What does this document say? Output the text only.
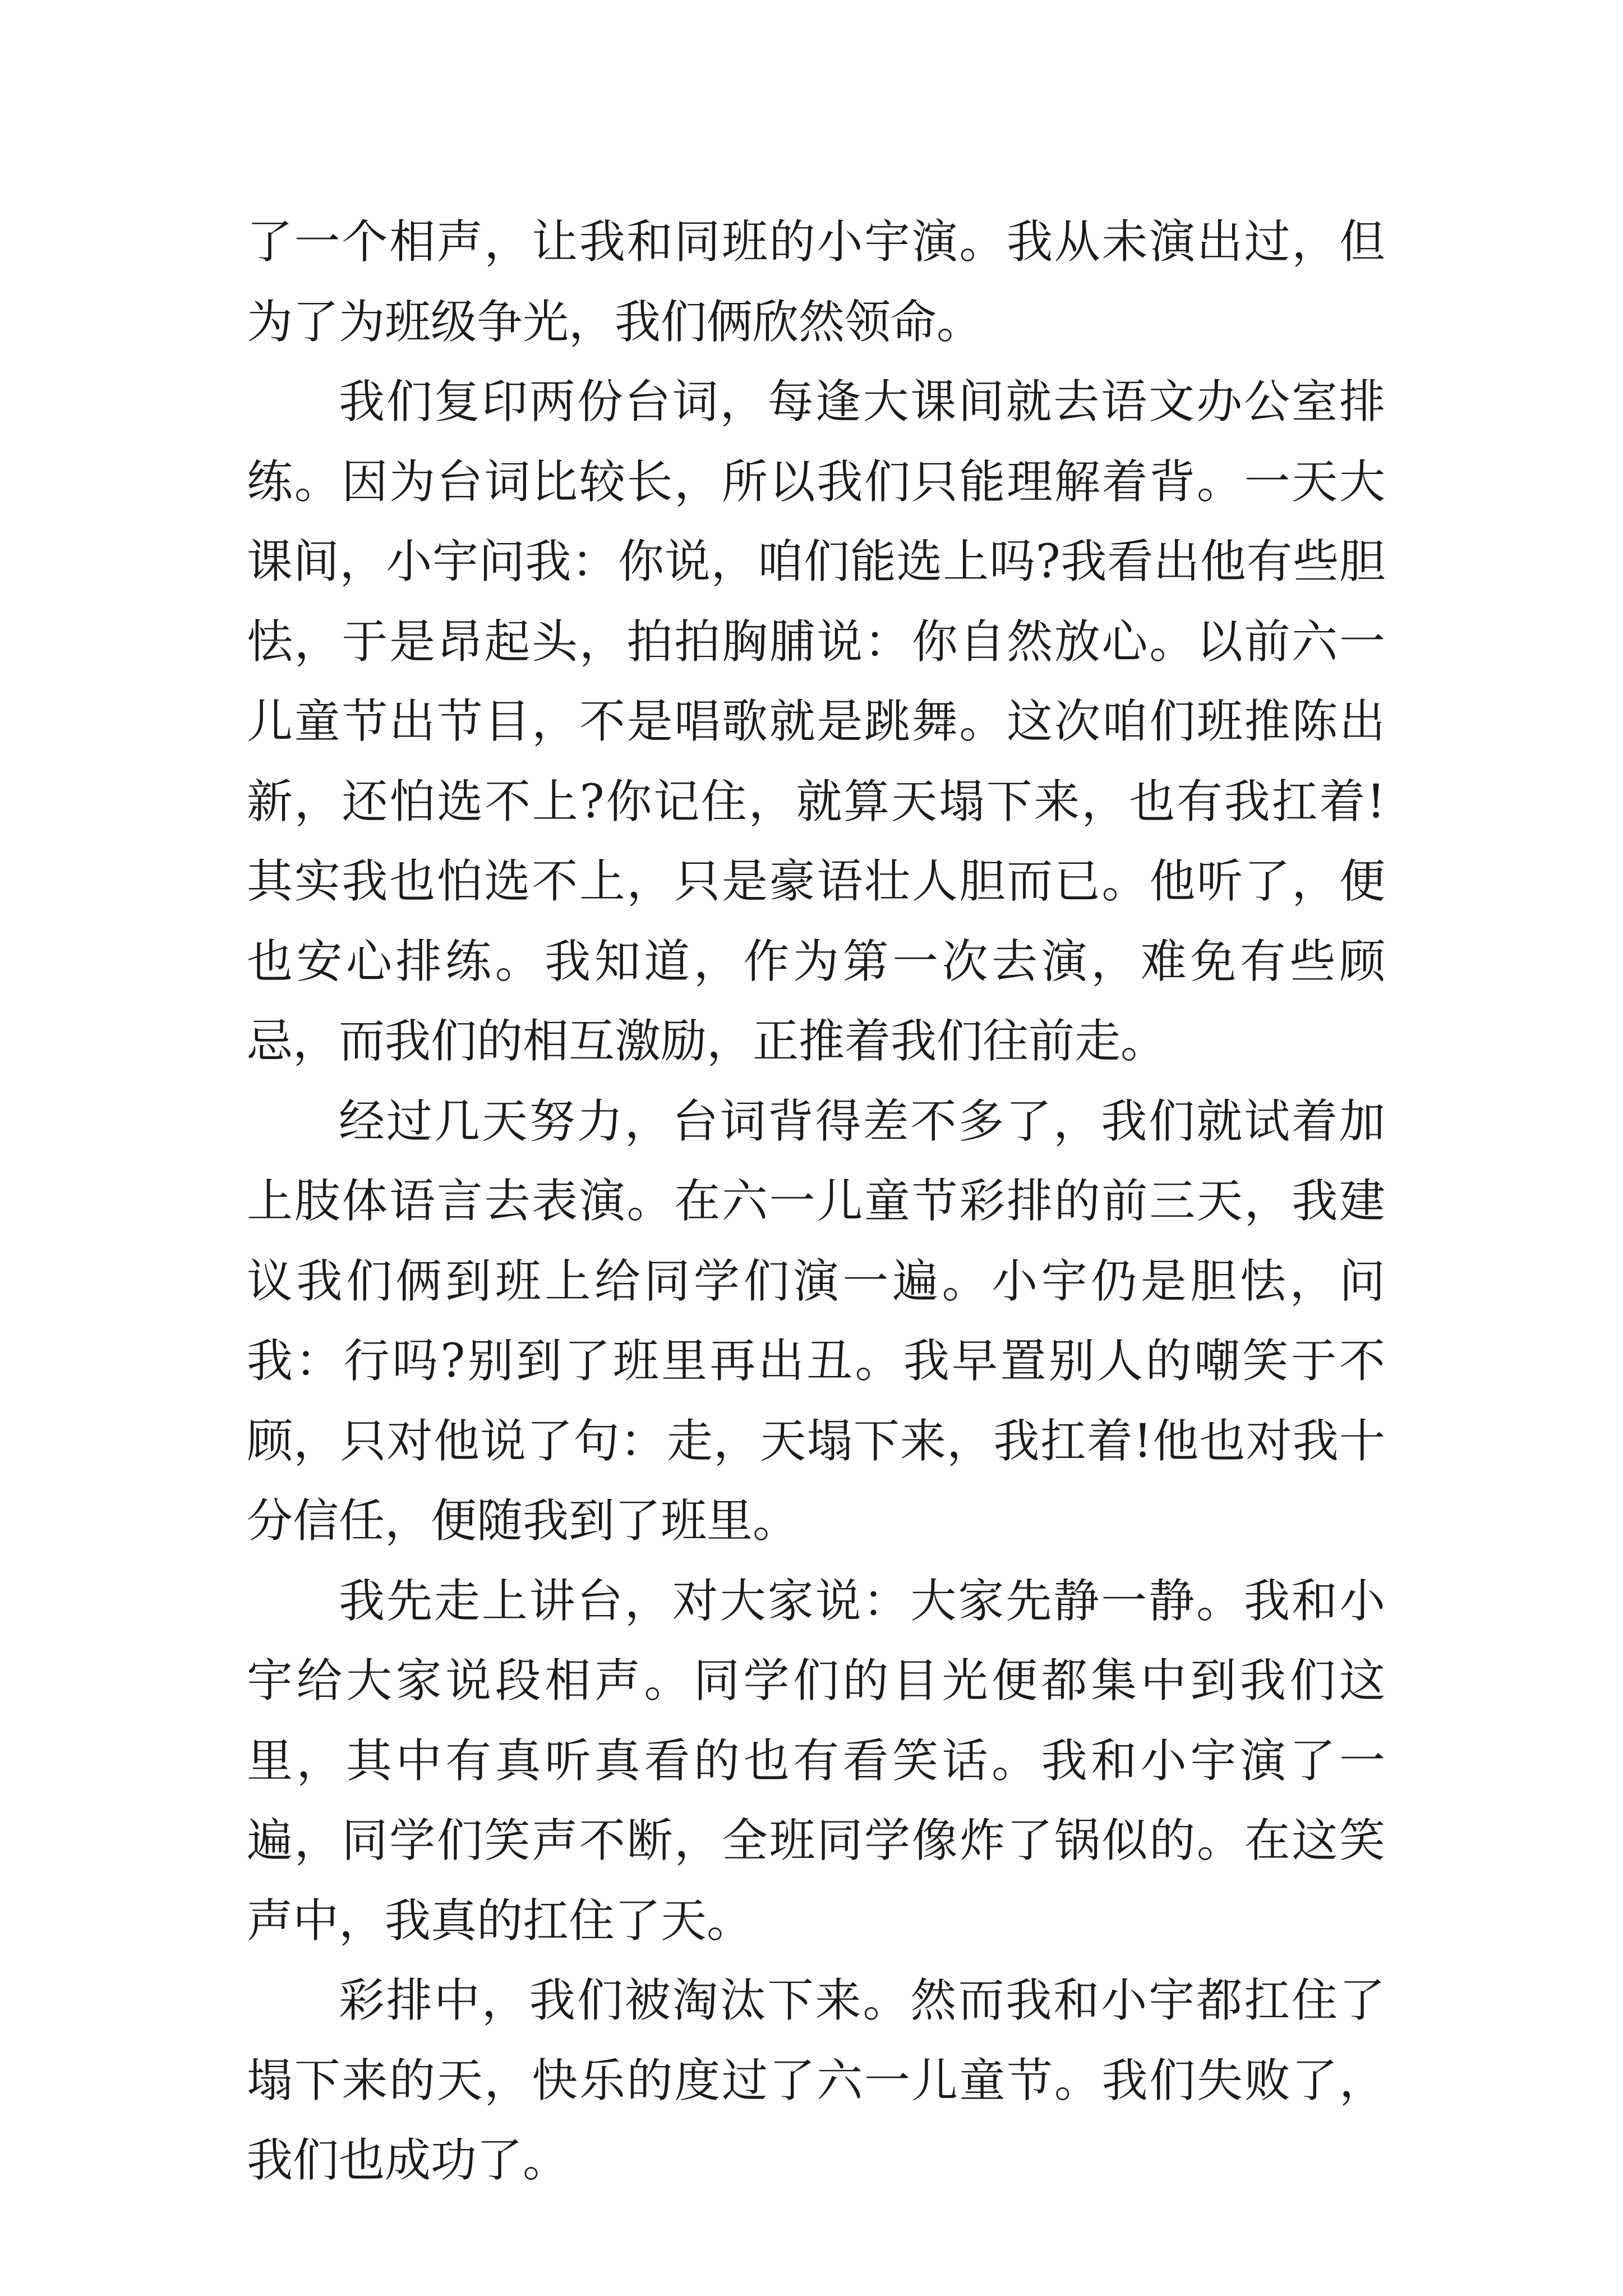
了一个相声，让我和同班的小宇演。我从未演出过，但为了为班级争光，我们俩欣然领命。

我们复印两份台词，每逢大课间就去语文办公室排练。因为台词比较长，所以我们只能理解着背。一天大课间，小宇问我：你说，咱们能选上吗?我看出他有些胆怯，于是昂起头，拍拍胸脯说：你自然放心。以前六一儿童节出节目，不是唱歌就是跳舞。这次咱们班推陈出新，还怕选不上?你记住，就算天塌下来，也有我扛着!其实我也怕选不上，只是豪语壮人胆而已。他听了，便也安心排练。我知道，作为第一次去演，难免有些顾忌，而我们的相互激励，正推着我们往前走。

经过几天努力，台词背得差不多了，我们就试着加上肢体语言去表演。在六一儿童节彩排的前三天，我建议我们俩到班上给同学们演一遍。小宇仍是胆怯，问我：行吗?别到了班里再出丑。我早置别人的嘲笑于不顾，只对他说了句：走，天塌下来，我扛着!他也对我十分信任，便随我到了班里。

我先走上讲台，对大家说：大家先静一静。我和小宇给大家说段相声。同学们的目光便都集中到我们这里，其中有真听真看的也有看笑话。我和小宇演了一遍，同学们笑声不断，全班同学像炸了锅似的。在这笑声中，我真的扛住了天。

彩排中，我们被淘汰下来。然而我和小宇都扛住了塌下来的天，快乐的度过了六一儿童节。我们失败了，我们也成功了。
